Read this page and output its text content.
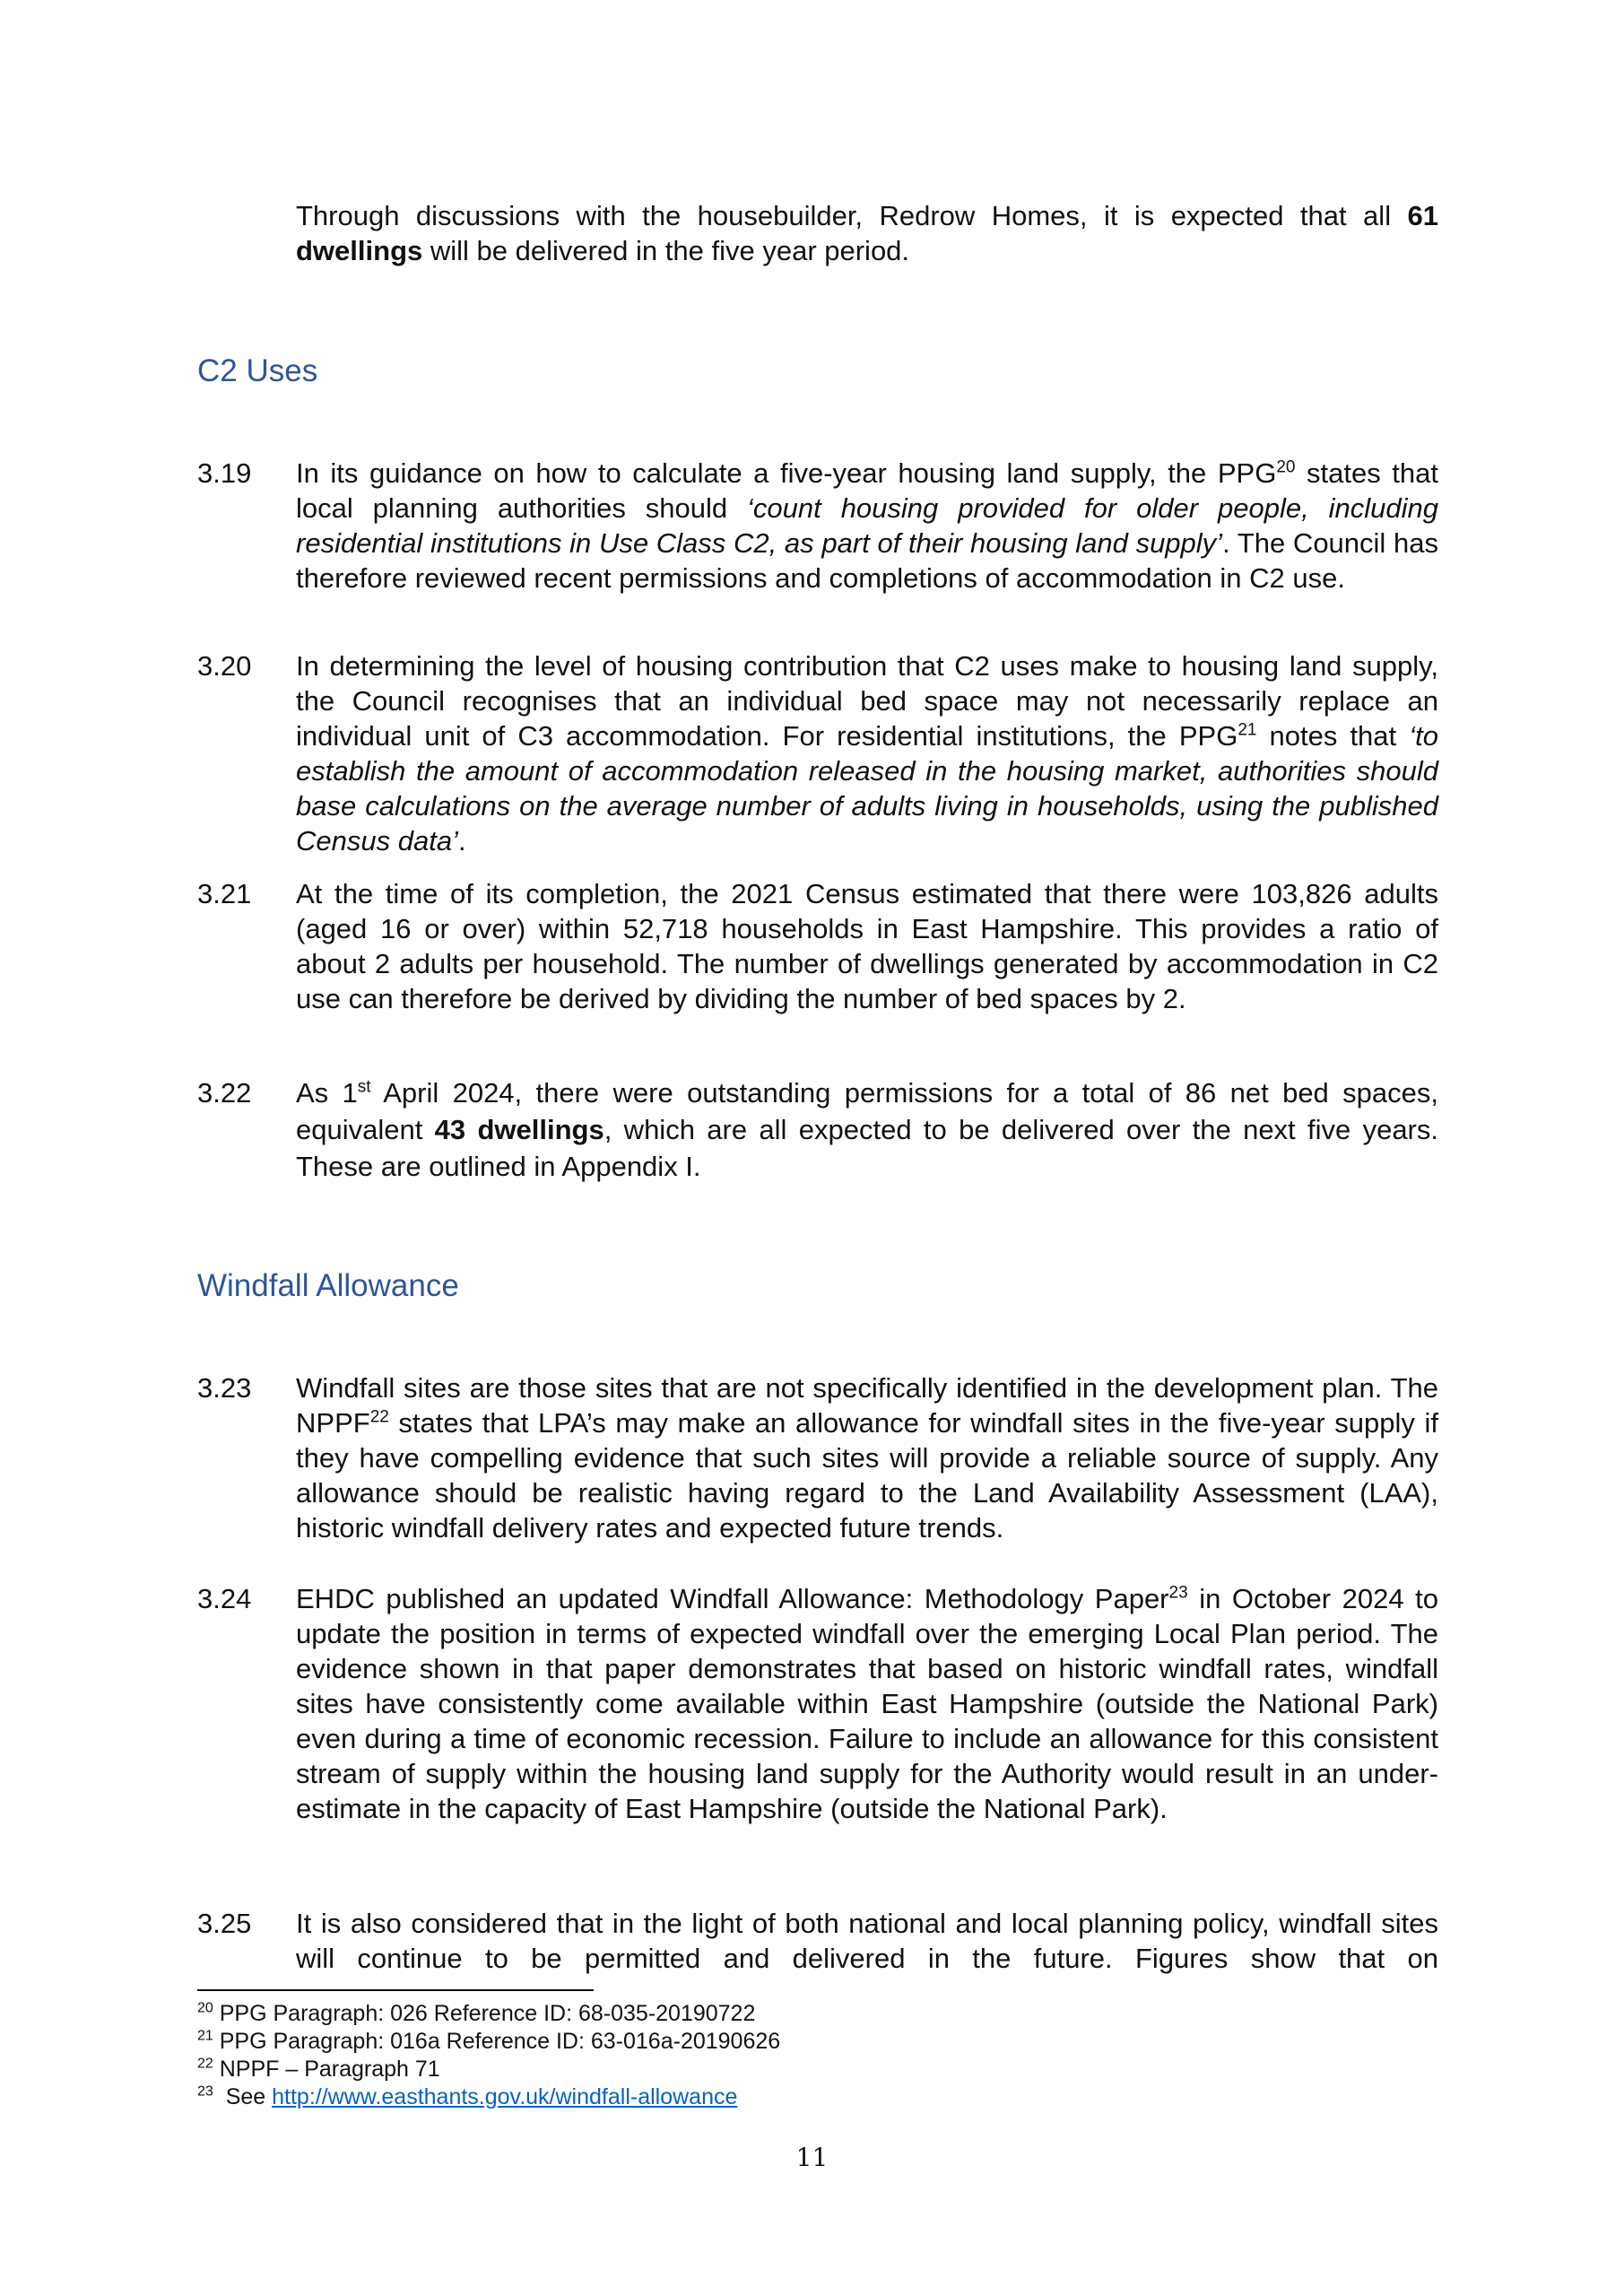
Through discussions with the housebuilder, Redrow Homes, it is expected that all 61 dwellings will be delivered in the five year period.
C2 Uses
3.19	In its guidance on how to calculate a five-year housing land supply, the PPG$^{20}$ states that local planning authorities should ‘count housing provided for older people, including residential institutions in Use Class C2, as part of their housing land supply’. The Council has therefore reviewed recent permissions and completions of accommodation in C2 use.
3.20	In determining the level of housing contribution that C2 uses make to housing land supply, the Council recognises that an individual bed space may not necessarily replace an individual unit of C3 accommodation. For residential institutions, the PPG$^{21}$ notes that ‘to establish the amount of accommodation released in the housing market, authorities should base calculations on the average number of adults living in households, using the published Census data’.
3.21	At the time of its completion, the 2021 Census estimated that there were 103,826 adults (aged 16 or over) within 52,718 households in East Hampshire. This provides a ratio of about 2 adults per household. The number of dwellings generated by accommodation in C2 use can therefore be derived by dividing the number of bed spaces by 2.
3.22	As 1st April 2024, there were outstanding permissions for a total of 86 net bed spaces, equivalent 43 dwellings, which are all expected to be delivered over the next five years. These are outlined in Appendix I.
Windfall Allowance
3.23	Windfall sites are those sites that are not specifically identified in the development plan. The NPPF$^{22}$ states that LPA’s may make an allowance for windfall sites in the five-year supply if they have compelling evidence that such sites will provide a reliable source of supply. Any allowance should be realistic having regard to the Land Availability Assessment (LAA), historic windfall delivery rates and expected future trends.
3.24	EHDC published an updated Windfall Allowance: Methodology Paper$^{23}$ in October 2024 to update the position in terms of expected windfall over the emerging Local Plan period. The evidence shown in that paper demonstrates that based on historic windfall rates, windfall sites have consistently come available within East Hampshire (outside the National Park) even during a time of economic recession. Failure to include an allowance for this consistent stream of supply within the housing land supply for the Authority would result in an under-estimate in the capacity of East Hampshire (outside the National Park).
3.25	It is also considered that in the light of both national and local planning policy, windfall sites will continue to be permitted and delivered in the future. Figures show that on
$^{20}$ PPG Paragraph: 026 Reference ID: 68-035-20190722
$^{21}$ PPG Paragraph: 016a Reference ID: 63-016a-20190626
$^{22}$ NPPF – Paragraph 71
$^{23}$  See http://www.easthants.gov.uk/windfall-allowance
11
